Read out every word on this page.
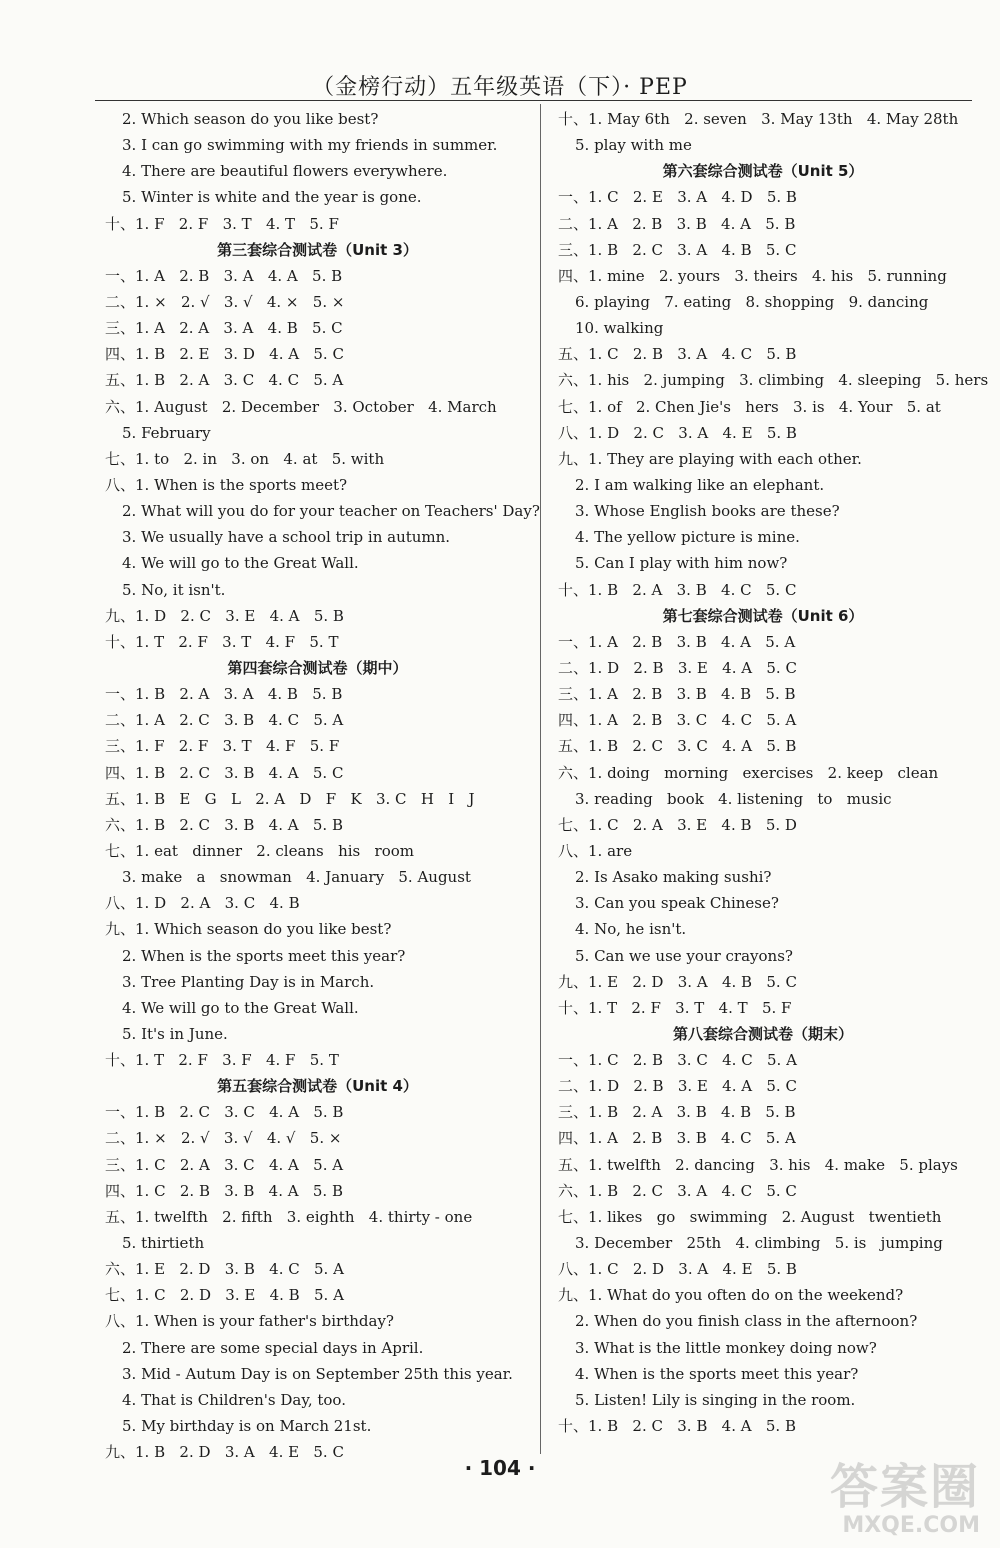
（金榜行动）五年级英语（下）· PEP
2. Which season do you like best?
3. I can go swimming with my friends in summer.
4. There are beautiful flowers everywhere.
5. Winter is white and the year is gone.
十、1. F   2. F   3. T   4. T   5. F
第三套综合测试卷（Unit 3）
一、1. A   2. B   3. A   4. A   5. B
二、1. ×   2. √   3. √   4. ×   5. ×
三、1. A   2. A   3. A   4. B   5. C
四、1. B   2. E   3. D   4. A   5. C
五、1. B   2. A   3. C   4. C   5. A
六、1. August   2. December   3. October   4. March
5. February
七、1. to   2. in   3. on   4. at   5. with
八、1. When is the sports meet?
2. What will you do for your teacher on Teachers' Day?
3. We usually have a school trip in autumn.
4. We will go to the Great Wall.
5. No, it isn't.
九、1. D   2. C   3. E   4. A   5. B
十、1. T   2. F   3. T   4. F   5. T
第四套综合测试卷（期中）
一、1. B   2. A   3. A   4. B   5. B
二、1. A   2. C   3. B   4. C   5. A
三、1. F   2. F   3. T   4. F   5. F
四、1. B   2. C   3. B   4. A   5. C
五、1. B   E   G   L   2. A   D   F   K   3. C   H   I   J
六、1. B   2. C   3. B   4. A   5. B
七、1. eat   dinner   2. cleans   his   room
3. make   a   snowman   4. January   5. August
八、1. D   2. A   3. C   4. B
九、1. Which season do you like best?
2. When is the sports meet this year?
3. Tree Planting Day is in March.
4. We will go to the Great Wall.
5. It's in June.
十、1. T   2. F   3. F   4. F   5. T
第五套综合测试卷（Unit 4）
一、1. B   2. C   3. C   4. A   5. B
二、1. ×   2. √   3. √   4. √   5. ×
三、1. C   2. A   3. C   4. A   5. A
四、1. C   2. B   3. B   4. A   5. B
五、1. twelfth   2. fifth   3. eighth   4. thirty - one
5. thirtieth
六、1. E   2. D   3. B   4. C   5. A
七、1. C   2. D   3. E   4. B   5. A
八、1. When is your father's birthday?
2. There are some special days in April.
3. Mid - Autum Day is on September 25th this year.
4. That is Children's Day, too.
5. My birthday is on March 21st.
九、1. B   2. D   3. A   4. E   5. C
十、1. May 6th   2. seven   3. May 13th   4. May 28th
5. play with me
第六套综合测试卷（Unit 5）
一、1. C   2. E   3. A   4. D   5. B
二、1. A   2. B   3. B   4. A   5. B
三、1. B   2. C   3. A   4. B   5. C
四、1. mine   2. yours   3. theirs   4. his   5. running
6. playing   7. eating   8. shopping   9. dancing
10. walking
五、1. C   2. B   3. A   4. C   5. B
六、1. his   2. jumping   3. climbing   4. sleeping   5. hers
七、1. of   2. Chen Jie's   hers   3. is   4. Your   5. at
八、1. D   2. C   3. A   4. E   5. B
九、1. They are playing with each other.
2. I am walking like an elephant.
3. Whose English books are these?
4. The yellow picture is mine.
5. Can I play with him now?
十、1. B   2. A   3. B   4. C   5. C
第七套综合测试卷（Unit 6）
一、1. A   2. B   3. B   4. A   5. A
二、1. D   2. B   3. E   4. A   5. C
三、1. A   2. B   3. B   4. B   5. B
四、1. A   2. B   3. C   4. C   5. A
五、1. B   2. C   3. C   4. A   5. B
六、1. doing   morning   exercises   2. keep   clean
3. reading   book   4. listening   to   music
七、1. C   2. A   3. E   4. B   5. D
八、1. are
2. Is Asako making sushi?
3. Can you speak Chinese?
4. No, he isn't.
5. Can we use your crayons?
九、1. E   2. D   3. A   4. B   5. C
十、1. T   2. F   3. T   4. T   5. F
第八套综合测试卷（期末）
一、1. C   2. B   3. C   4. C   5. A
二、1. D   2. B   3. E   4. A   5. C
三、1. B   2. A   3. B   4. B   5. B
四、1. A   2. B   3. B   4. C   5. A
五、1. twelfth   2. dancing   3. his   4. make   5. plays
六、1. B   2. C   3. A   4. C   5. C
七、1. likes   go   swimming   2. August   twentieth
3. December   25th   4. climbing   5. is   jumping
八、1. C   2. D   3. A   4. E   5. B
九、1. What do you often do on the weekend?
2. When do you finish class in the afternoon?
3. What is the little monkey doing now?
4. When is the sports meet this year?
5. Listen! Lily is singing in the room.
十、1. B   2. C   3. B   4. A   5. B
· 104 ·	答案圈
MXQE.COM
